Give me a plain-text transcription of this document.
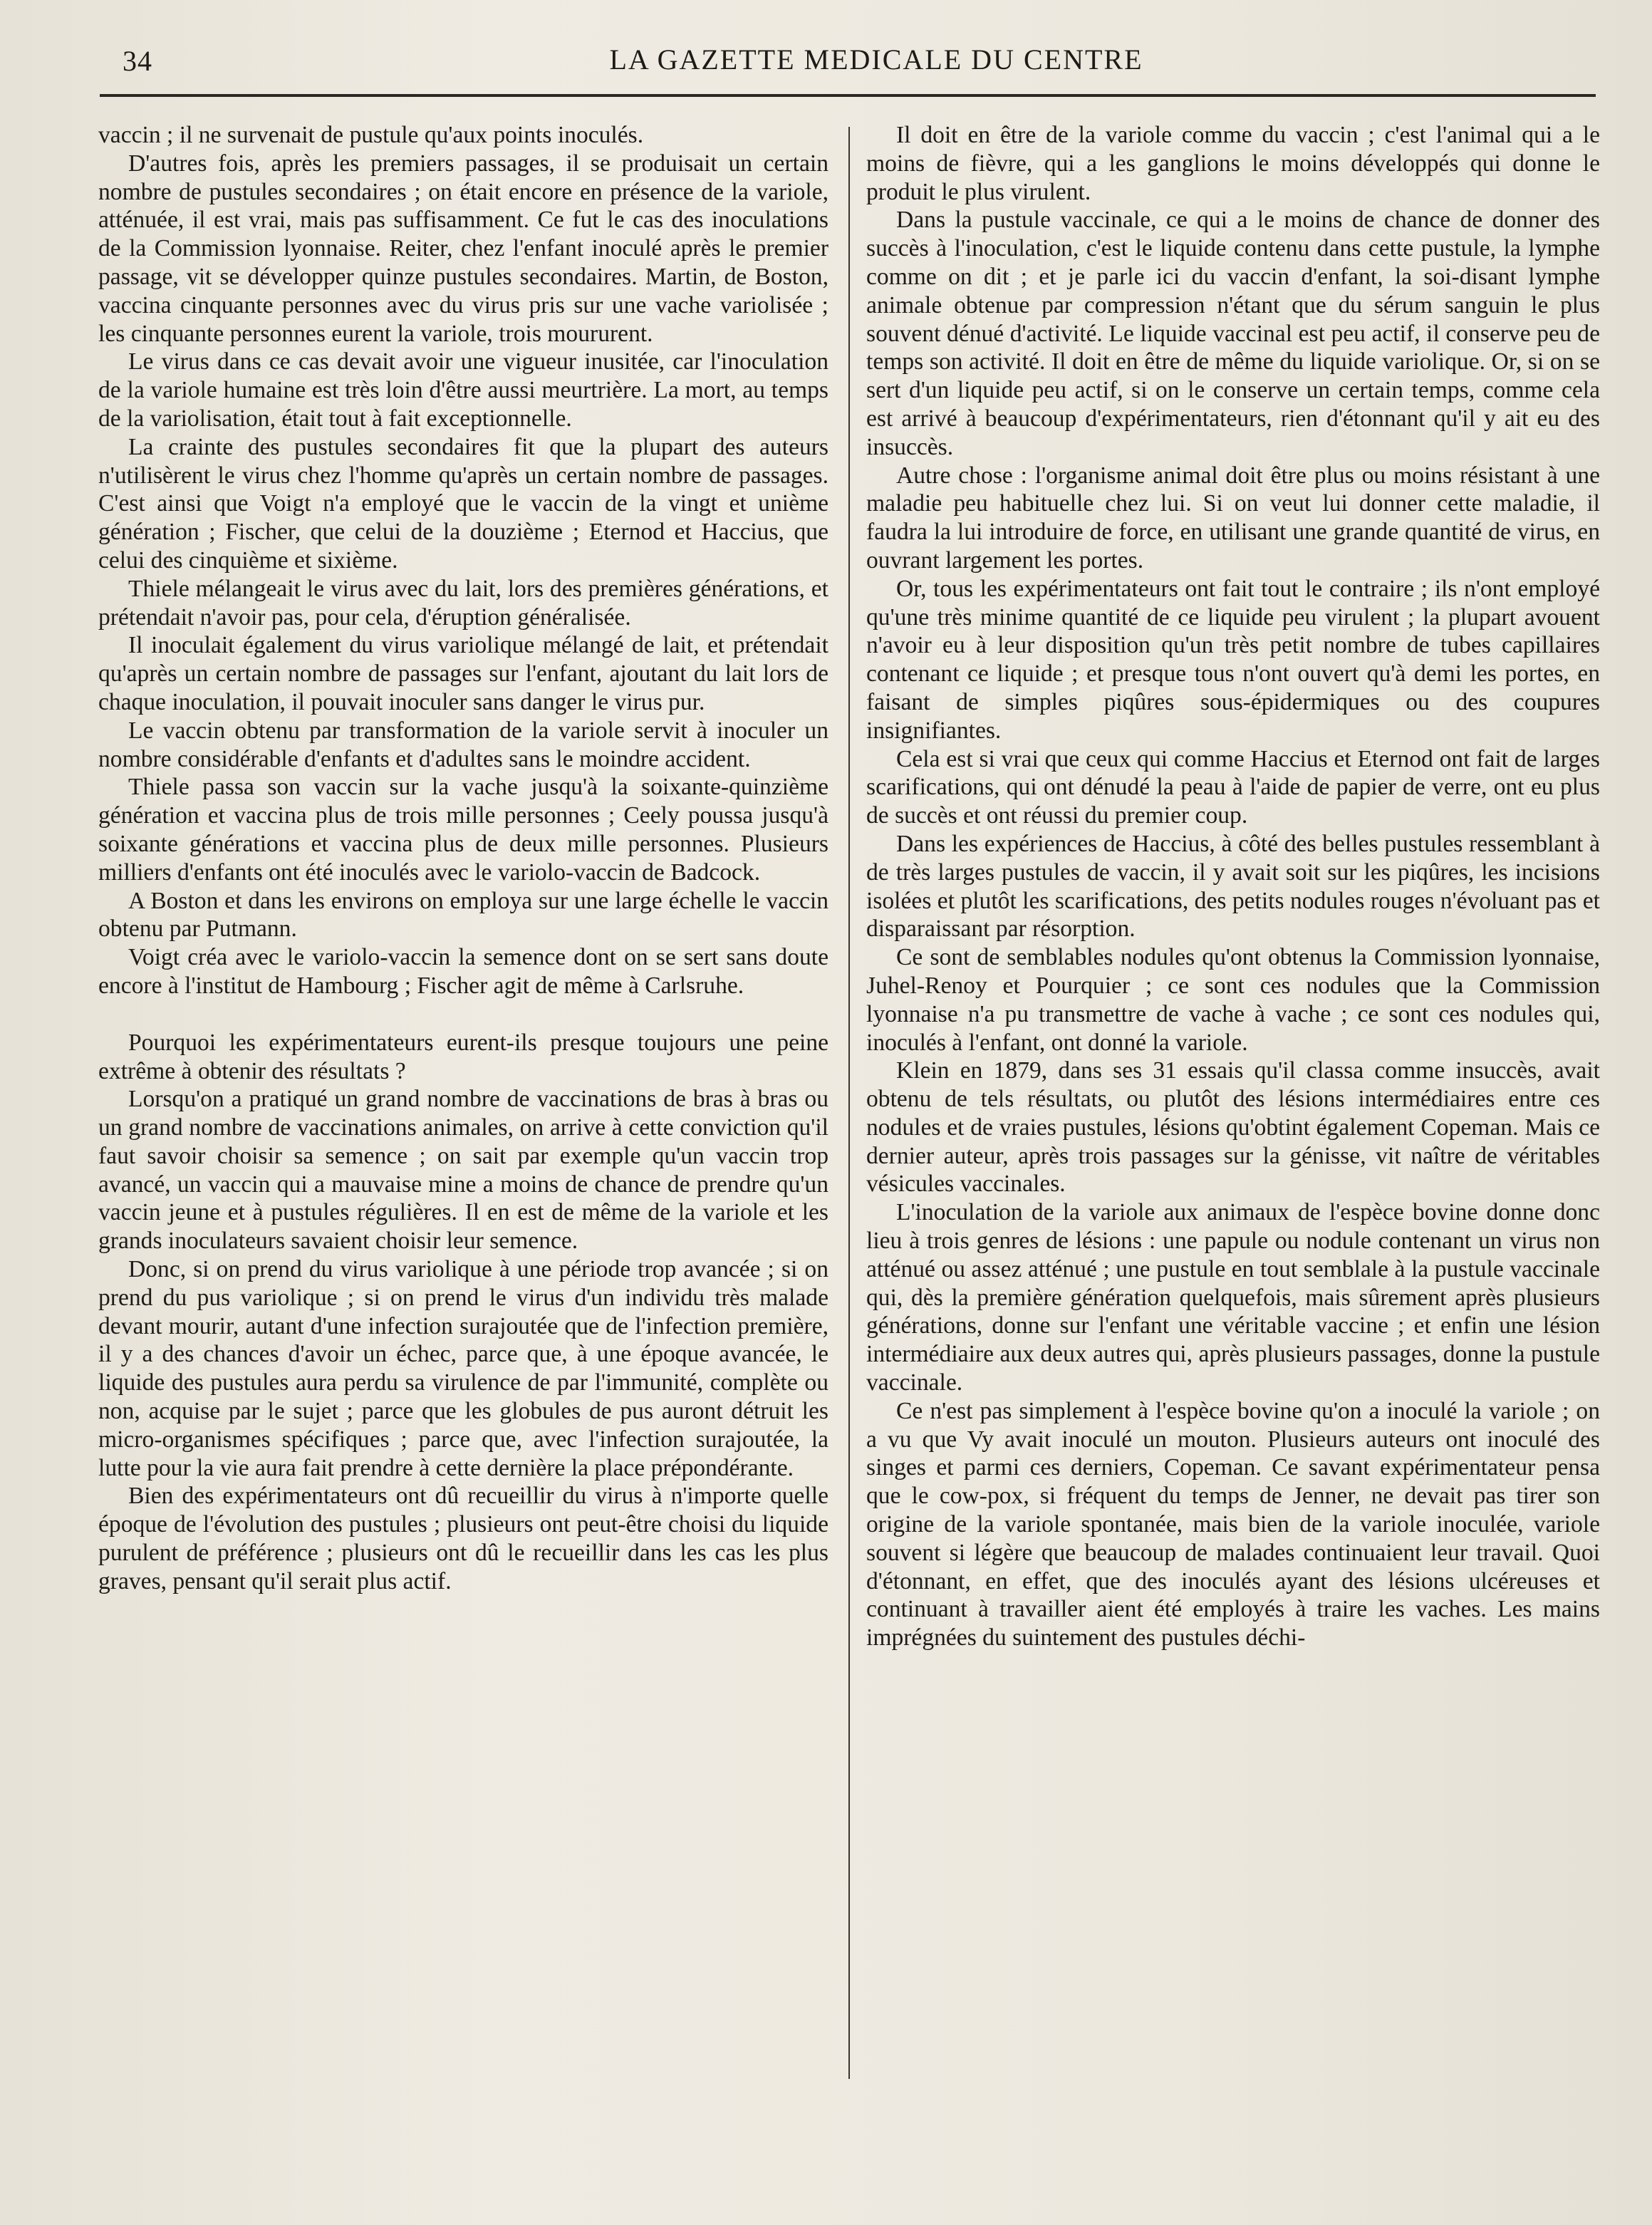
34	LA GAZETTE MEDICALE DU CENTRE

vaccin ; il ne survenait de pustule qu'aux points inoculés.

D'autres fois, après les premiers passages, il se produisait un certain nombre de pustules secondaires ; on était encore en présence de la variole, atténuée, il est vrai, mais pas suffisamment. Ce fut le cas des inoculations de la Commission lyonnaise. Reiter, chez l'enfant inoculé après le premier passage, vit se développer quinze pustules secondaires. Martin, de Boston, vaccina cinquante personnes avec du virus pris sur une vache variolisée ; les cinquante personnes eurent la variole, trois moururent.

Le virus dans ce cas devait avoir une vigueur inusitée, car l'inoculation de la variole humaine est très loin d'être aussi meurtrière. La mort, au temps de la variolisation, était tout à fait exceptionnelle.

La crainte des pustules secondaires fit que la plupart des auteurs n'utilisèrent le virus chez l'homme qu'après un certain nombre de passages. C'est ainsi que Voigt n'a employé que le vaccin de la vingt et unième génération ; Fischer, que celui de la douzième ; Eternod et Haccius, que celui des cinquième et sixième.

Thiele mélangeait le virus avec du lait, lors des premières générations, et prétendait n'avoir pas, pour cela, d'éruption généralisée.

Il inoculait également du virus variolique mélangé de lait, et prétendait qu'après un certain nombre de passages sur l'enfant, ajoutant du lait lors de chaque inoculation, il pouvait inoculer sans danger le virus pur.

Le vaccin obtenu par transformation de la variole servit à inoculer un nombre considérable d'enfants et d'adultes sans le moindre accident.

Thiele passa son vaccin sur la vache jusqu'à la soixante-quinzième génération et vaccina plus de trois mille personnes ; Ceely poussa jusqu'à soixante générations et vaccina plus de deux mille personnes. Plusieurs milliers d'enfants ont été inoculés avec le variolo-vaccin de Badcock.

A Boston et dans les environs on employa sur une large échelle le vaccin obtenu par Putmann.

Voigt créa avec le variolo-vaccin la semence dont on se sert sans doute encore à l'institut de Hambourg ; Fischer agit de même à Carlsruhe.

Pourquoi les expérimentateurs eurent-ils presque toujours une peine extrême à obtenir des résultats ?

Lorsqu'on a pratiqué un grand nombre de vaccinations de bras à bras ou un grand nombre de vaccinations animales, on arrive à cette conviction qu'il faut savoir choisir sa semence ; on sait par exemple qu'un vaccin trop avancé, un vaccin qui a mauvaise mine a moins de chance de prendre qu'un vaccin jeune et à pustules régulières. Il en est de même de la variole et les grands inoculateurs savaient choisir leur semence.

Donc, si on prend du virus variolique à une période trop avancée ; si on prend du pus variolique ; si on prend le virus d'un individu très malade devant mourir, autant d'une infection surajoutée que de l'infection première, il y a des chances d'avoir un échec, parce que, à une époque avancée, le liquide des pustules aura perdu sa virulence de par l'immunité, complète ou non, acquise par le sujet ; parce que les globules de pus auront détruit les micro-organismes spécifiques ; parce que, avec l'infection surajoutée, la lutte pour la vie aura fait prendre à cette dernière la place prépondérante.

Bien des expérimentateurs ont dû recueillir du virus à n'importe quelle époque de l'évolution des pustules ; plusieurs ont peut-être choisi du liquide purulent de préférence ; plusieurs ont dû le recueillir dans les cas les plus graves, pensant qu'il serait plus actif.

Il doit en être de la variole comme du vaccin ; c'est l'animal qui a le moins de fièvre, qui a les ganglions le moins développés qui donne le produit le plus virulent.

Dans la pustule vaccinale, ce qui a le moins de chance de donner des succès à l'inoculation, c'est le liquide contenu dans cette pustule, la lymphe comme on dit ; et je parle ici du vaccin d'enfant, la soi-disant lymphe animale obtenue par compression n'étant que du sérum sanguin le plus souvent dénué d'activité. Le liquide vaccinal est peu actif, il conserve peu de temps son activité. Il doit en être de même du liquide variolique. Or, si on se sert d'un liquide peu actif, si on le conserve un certain temps, comme cela est arrivé à beaucoup d'expérimentateurs, rien d'étonnant qu'il y ait eu des insuccès.

Autre chose : l'organisme animal doit être plus ou moins résistant à une maladie peu habituelle chez lui. Si on veut lui donner cette maladie, il faudra la lui introduire de force, en utilisant une grande quantité de virus, en ouvrant largement les portes.

Or, tous les expérimentateurs ont fait tout le contraire ; ils n'ont employé qu'une très minime quantité de ce liquide peu virulent ; la plupart avouent n'avoir eu à leur disposition qu'un très petit nombre de tubes capillaires contenant ce liquide ; et presque tous n'ont ouvert qu'à demi les portes, en faisant de simples piqûres sous-épidermiques ou des coupures insignifiantes.

Cela est si vrai que ceux qui comme Haccius et Eternod ont fait de larges scarifications, qui ont dénudé la peau à l'aide de papier de verre, ont eu plus de succès et ont réussi du premier coup.

Dans les expériences de Haccius, à côté des belles pustules ressemblant à de très larges pustules de vaccin, il y avait soit sur les piqûres, les incisions isolées et plutôt les scarifications, des petits nodules rouges n'évoluant pas et disparaissant par résorption.

Ce sont de semblables nodules qu'ont obtenus la Commission lyonnaise, Juhel-Renoy et Pourquier ; ce sont ces nodules que la Commission lyonnaise n'a pu transmettre de vache à vache ; ce sont ces nodules qui, inoculés à l'enfant, ont donné la variole.

Klein en 1879, dans ses 31 essais qu'il classa comme insuccès, avait obtenu de tels résultats, ou plutôt des lésions intermédiaires entre ces nodules et de vraies pustules, lésions qu'obtint également Copeman. Mais ce dernier auteur, après trois passages sur la génisse, vit naître de véritables vésicules vaccinales.

L'inoculation de la variole aux animaux de l'espèce bovine donne donc lieu à trois genres de lésions : une papule ou nodule contenant un virus non atténué ou assez atténué ; une pustule en tout semblale à la pustule vaccinale qui, dès la première génération quelquefois, mais sûrement après plusieurs générations, donne sur l'enfant une véritable vaccine ; et enfin une lésion intermédiaire aux deux autres qui, après plusieurs passages, donne la pustule vaccinale.

Ce n'est pas simplement à l'espèce bovine qu'on a inoculé la variole ; on a vu que Vy avait inoculé un mouton. Plusieurs auteurs ont inoculé des singes et parmi ces derniers, Copeman. Ce savant expérimentateur pensa que le cow-pox, si fréquent du temps de Jenner, ne devait pas tirer son origine de la variole spontanée, mais bien de la variole inoculée, variole souvent si légère que beaucoup de malades continuaient leur travail. Quoi d'étonnant, en effet, que des inoculés ayant des lésions ulcéreuses et continuant à travailler aient été employés à traire les vaches. Les mains imprégnées du suintement des pustules déchi-
